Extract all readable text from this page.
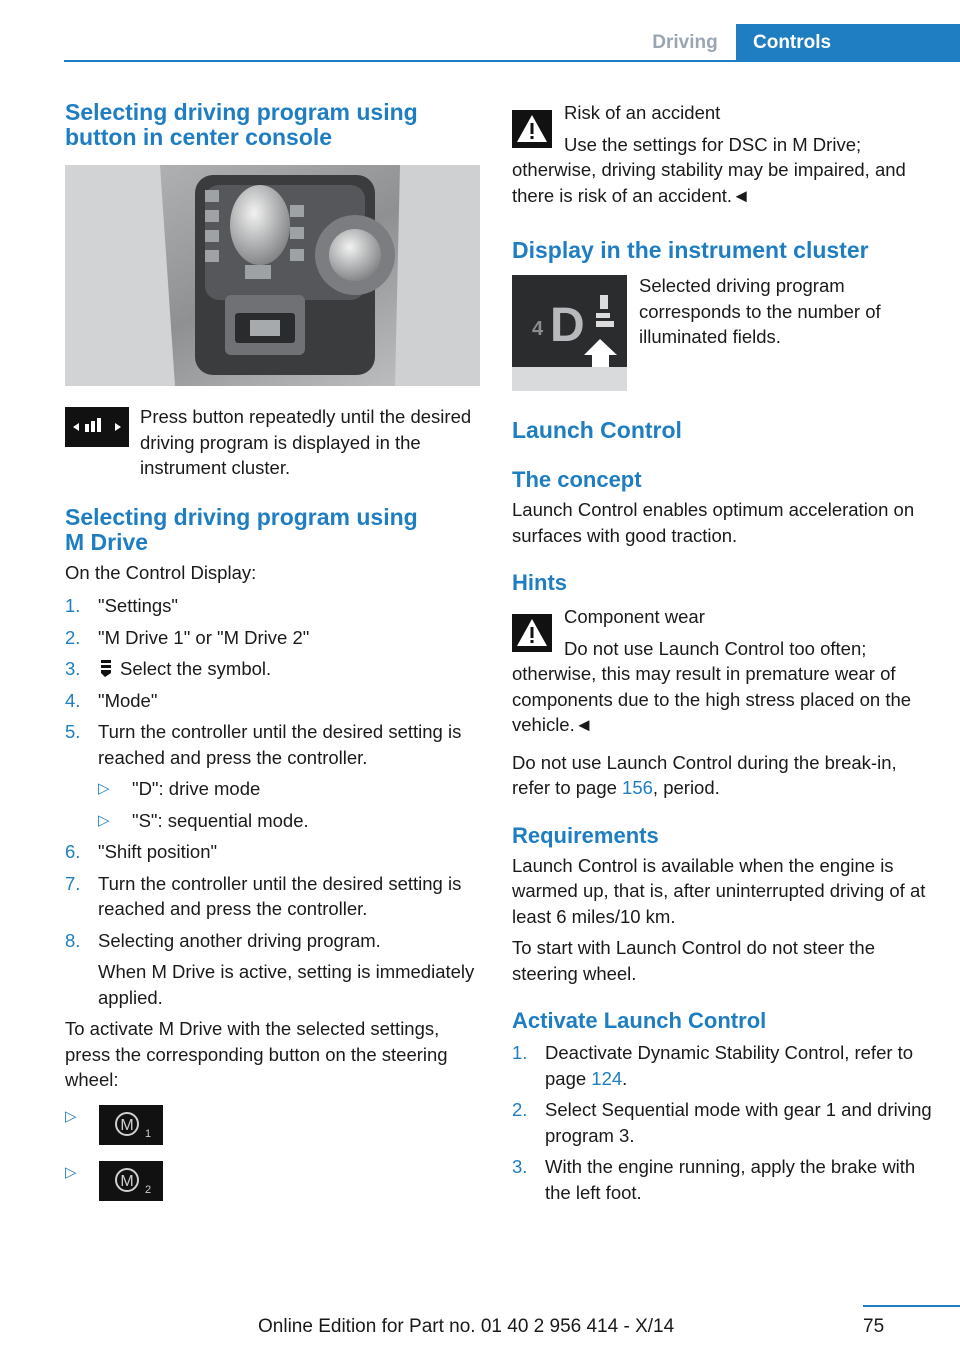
Driving	Controls
Selecting driving program using button in center console

Press button repeatedly until the desired driving program is displayed in the instrument cluster.

Selecting driving program using M Drive

On the Control Display:

1. "Settings"
2. "M Drive 1" or "M Drive 2"
3. Select the symbol.
4. "Mode"
5. Turn the controller until the desired setting is reached and press the controller.
▷ "D": drive mode
▷ "S": sequential mode.
6. "Shift position"
7. Turn the controller until the desired setting is reached and press the controller.
8. Selecting another driving program.
When M Drive is active, setting is immediately applied.

To activate M Drive with the selected settings, press the corresponding button on the steering wheel:

▷
M 1
▷
M 2

Risk of an accident

Use the settings for DSC in M Drive; otherwise, driving stability may be impaired, and there is risk of an accident.◄

Display in the instrument cluster
4 D

Selected driving program corresponds to the number of illuminated fields.

Launch Control
The concept

Launch Control enables optimum acceleration on surfaces with good traction.

Hints

Component wear

Do not use Launch Control too often; otherwise, this may result in premature wear of components due to the high stress placed on the vehicle.◄

Do not use Launch Control during the break-in, refer to page 156, period.

Requirements

Launch Control is available when the engine is warmed up, that is, after uninterrupted driving of at least 6 miles/10 km.

To start with Launch Control do not steer the steering wheel.

Activate Launch Control
1. Deactivate Dynamic Stability Control, refer to page 124.
2. Select Sequential mode with gear 1 and driving program 3.
3. With the engine running, apply the brake with the left foot.
75
Online Edition for Part no. 01 40 2 956 414 - X/14
